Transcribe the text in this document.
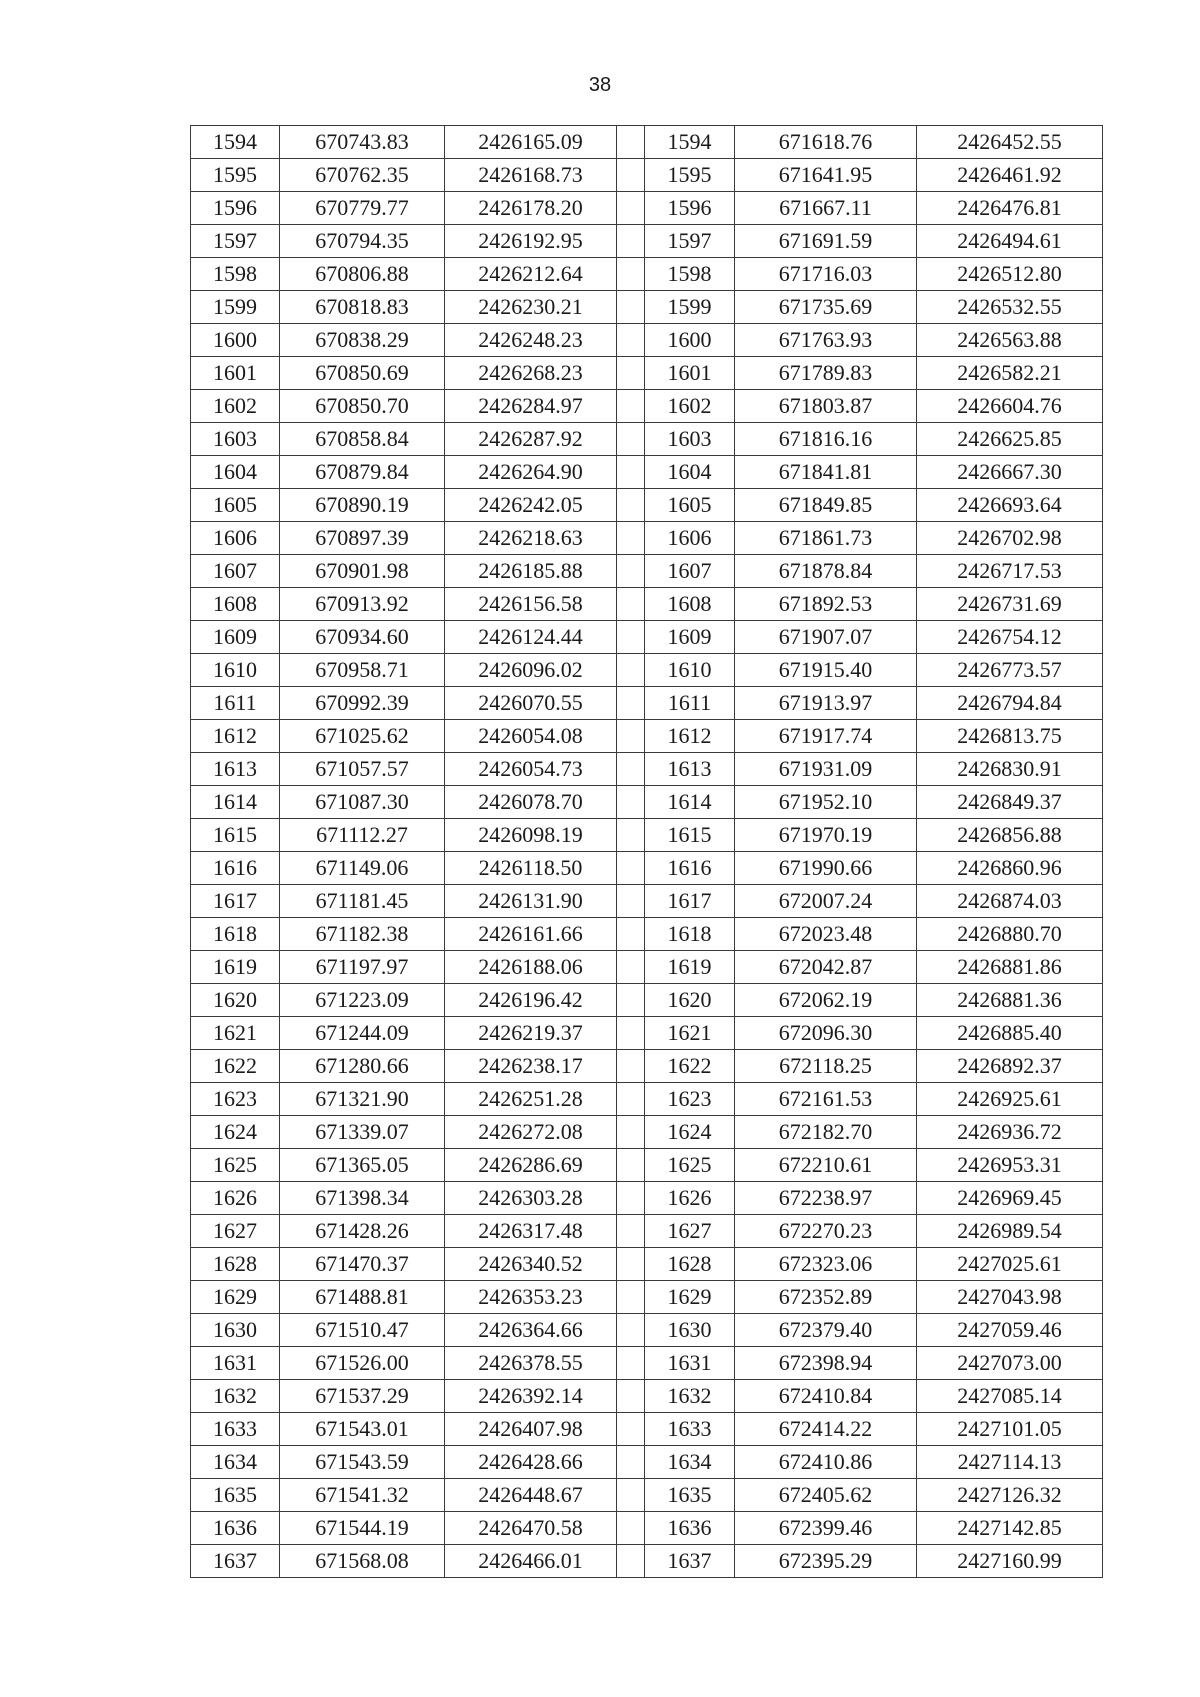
38
1594	670743.83	2426165.09		1594	671618.76	2426452.55
1595	670762.35	2426168.73		1595	671641.95	2426461.92
1596	670779.77	2426178.20		1596	671667.11	2426476.81
1597	670794.35	2426192.95		1597	671691.59	2426494.61
1598	670806.88	2426212.64		1598	671716.03	2426512.80
1599	670818.83	2426230.21		1599	671735.69	2426532.55
1600	670838.29	2426248.23		1600	671763.93	2426563.88
1601	670850.69	2426268.23		1601	671789.83	2426582.21
1602	670850.70	2426284.97		1602	671803.87	2426604.76
1603	670858.84	2426287.92		1603	671816.16	2426625.85
1604	670879.84	2426264.90		1604	671841.81	2426667.30
1605	670890.19	2426242.05		1605	671849.85	2426693.64
1606	670897.39	2426218.63		1606	671861.73	2426702.98
1607	670901.98	2426185.88		1607	671878.84	2426717.53
1608	670913.92	2426156.58		1608	671892.53	2426731.69
1609	670934.60	2426124.44		1609	671907.07	2426754.12
1610	670958.71	2426096.02		1610	671915.40	2426773.57
1611	670992.39	2426070.55		1611	671913.97	2426794.84
1612	671025.62	2426054.08		1612	671917.74	2426813.75
1613	671057.57	2426054.73		1613	671931.09	2426830.91
1614	671087.30	2426078.70		1614	671952.10	2426849.37
1615	671112.27	2426098.19		1615	671970.19	2426856.88
1616	671149.06	2426118.50		1616	671990.66	2426860.96
1617	671181.45	2426131.90		1617	672007.24	2426874.03
1618	671182.38	2426161.66		1618	672023.48	2426880.70
1619	671197.97	2426188.06		1619	672042.87	2426881.86
1620	671223.09	2426196.42		1620	672062.19	2426881.36
1621	671244.09	2426219.37		1621	672096.30	2426885.40
1622	671280.66	2426238.17		1622	672118.25	2426892.37
1623	671321.90	2426251.28		1623	672161.53	2426925.61
1624	671339.07	2426272.08		1624	672182.70	2426936.72
1625	671365.05	2426286.69		1625	672210.61	2426953.31
1626	671398.34	2426303.28		1626	672238.97	2426969.45
1627	671428.26	2426317.48		1627	672270.23	2426989.54
1628	671470.37	2426340.52		1628	672323.06	2427025.61
1629	671488.81	2426353.23		1629	672352.89	2427043.98
1630	671510.47	2426364.66		1630	672379.40	2427059.46
1631	671526.00	2426378.55		1631	672398.94	2427073.00
1632	671537.29	2426392.14		1632	672410.84	2427085.14
1633	671543.01	2426407.98		1633	672414.22	2427101.05
1634	671543.59	2426428.66		1634	672410.86	2427114.13
1635	671541.32	2426448.67		1635	672405.62	2427126.32
1636	671544.19	2426470.58		1636	672399.46	2427142.85
1637	671568.08	2426466.01		1637	672395.29	2427160.99
